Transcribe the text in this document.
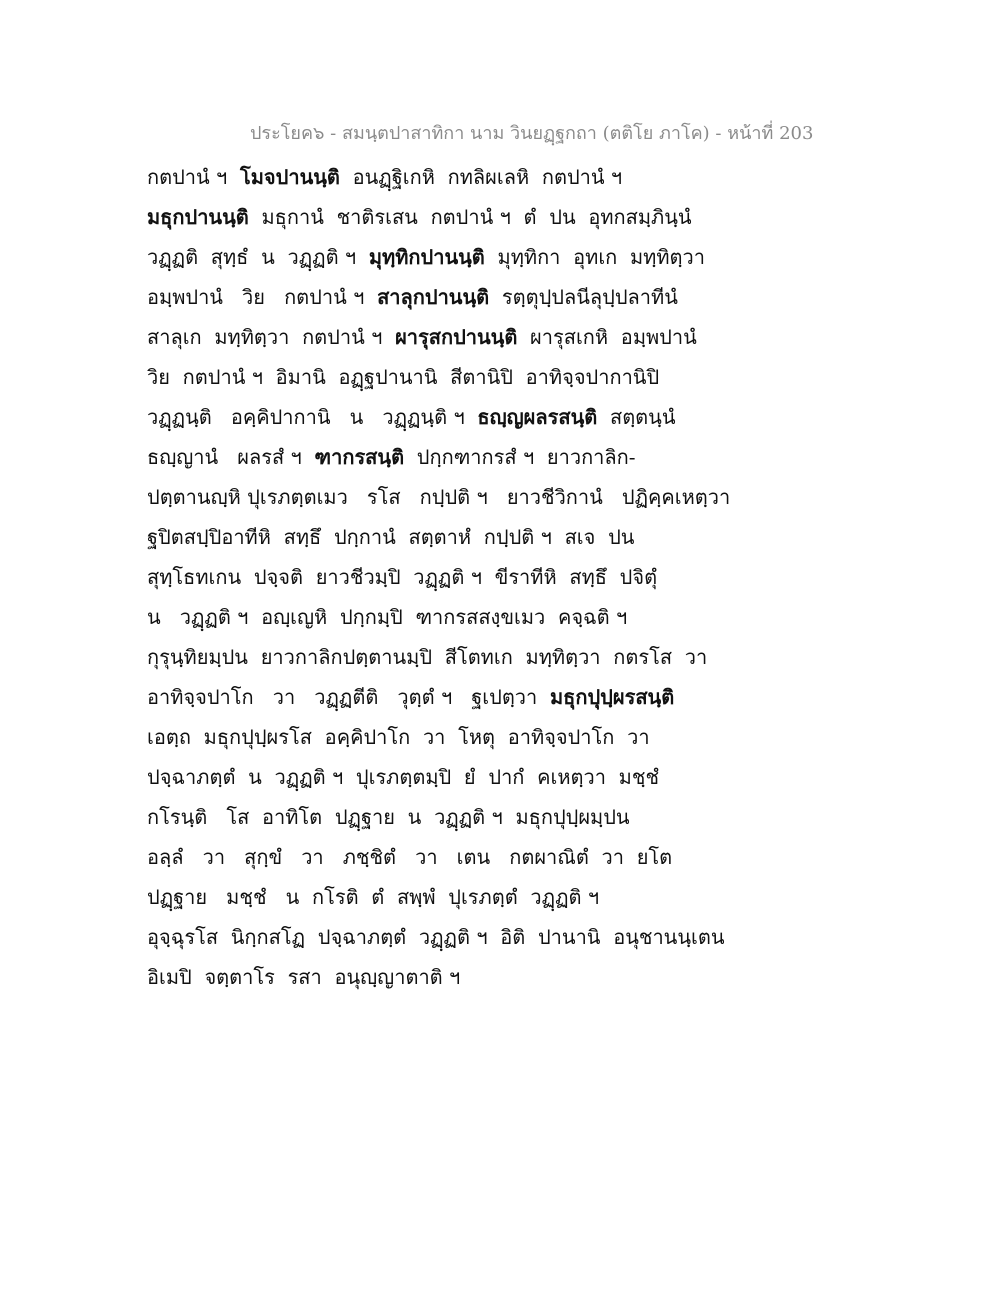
ประโยค๖ - สมนฺตปาสาทิกา นาม วินยฏฺฐกถา (ตติโย ภาโค) - หน้าที่ 203
กตปานํ ฯ  โมจปานนฺติ  อนฏฺฐิเกหิ  กทลิผเลหิ  กตปานํ ฯ
มธุกปานนฺติ  มธุกานํ  ชาติรเสน  กตปานํ ฯ  ตํ  ปน  อุทกสมฺภินฺนํ
วฏฺฏติ  สุทฺธํ  น  วฏฺฏติ ฯ  มุทฺทิกปานนฺติ  มุทฺทิกา  อุทเก  มทฺทิตฺวา
อมฺพปานํ   วิย   กตปานํ ฯ  สาลุกปานนฺติ  รตฺตุปฺปลนีลุปฺปลาทีนํ
สาลุเก  มทฺทิตฺวา  กตปานํ ฯ  ผารุสกปานนฺติ  ผารุสเกหิ  อมฺพปานํ
วิย  กตปานํ ฯ  อิมานิ  อฏฺฐปานานิ  สีตานิปิ  อาทิจฺจปากานิปิ
วฏฺฏนฺติ   อคฺคิปากานิ   น   วฏฺฏนฺติ ฯ  ธญฺญผลรสนฺติ  สตฺตนฺนํ
ธญฺญานํ   ผลรสํ ฯ  ฑากรสนฺติ  ปกฺกฑากรสํ ฯ  ยาวกาลิก-
ปตฺตานญฺหิ ปุเรภตฺตเมว   รโส   กปฺปติ ฯ   ยาวชีวิกานํ   ปฏิคฺคเหตฺวา
ฐปิตสปฺปิอาทีหิ  สทฺธึ  ปกฺกานํ  สตฺตาหํ  กปฺปติ ฯ  สเจ  ปน
สุทฺโธทเกน  ปจฺจติ  ยาวชีวมฺปิ  วฏฺฏติ ฯ  ขีราทีหิ  สทฺธึ  ปจิตุํ
น   วฏฺฏติ ฯ  อญฺเญหิ  ปกฺกมฺปิ  ฑากรสสงฺขเมว  คจฺฉติ ฯ
กุรุนฺทิยมฺปน  ยาวกาลิกปตฺตานมฺปิ  สีโตทเก  มทฺทิตฺวา  กตรโส  วา
อาทิจฺจปาโก   วา   วฏฺฏตีติ   วุตฺตํ ฯ   ฐเปตฺวา  มธุกปุปฺผรสนฺติ
เอตฺถ  มธุกปุปฺผรโส  อคฺคิปาโก  วา  โหตุ  อาทิจฺจปาโก  วา
ปจฺฉาภตฺตํ  น  วฏฺฏติ ฯ  ปุเรภตฺตมฺปิ  ยํ  ปากํ  คเหตฺวา  มชฺชํ
กโรนฺติ   โส  อาทิโต  ปฏฺฐาย  น  วฏฺฏติ ฯ  มธุกปุปฺผมฺปน
อลฺลํ   วา   สุกฺขํ   วา   ภชฺชิตํ   วา   เตน   กตผาณิตํ  วา  ยโต
ปฏฺฐาย   มชฺชํ   น  กโรติ  ตํ  สพฺพํ  ปุเรภตฺตํ  วฏฺฏติ ฯ
อุจฺฉุรโส  นิกฺกสโฏ  ปจฺฉาภตฺตํ  วฏฺฏติ ฯ  อิติ  ปานานิ  อนุชานนฺเตน
อิเมปิ  จตฺตาโร  รสา  อนุญฺญาตาติ ฯ
